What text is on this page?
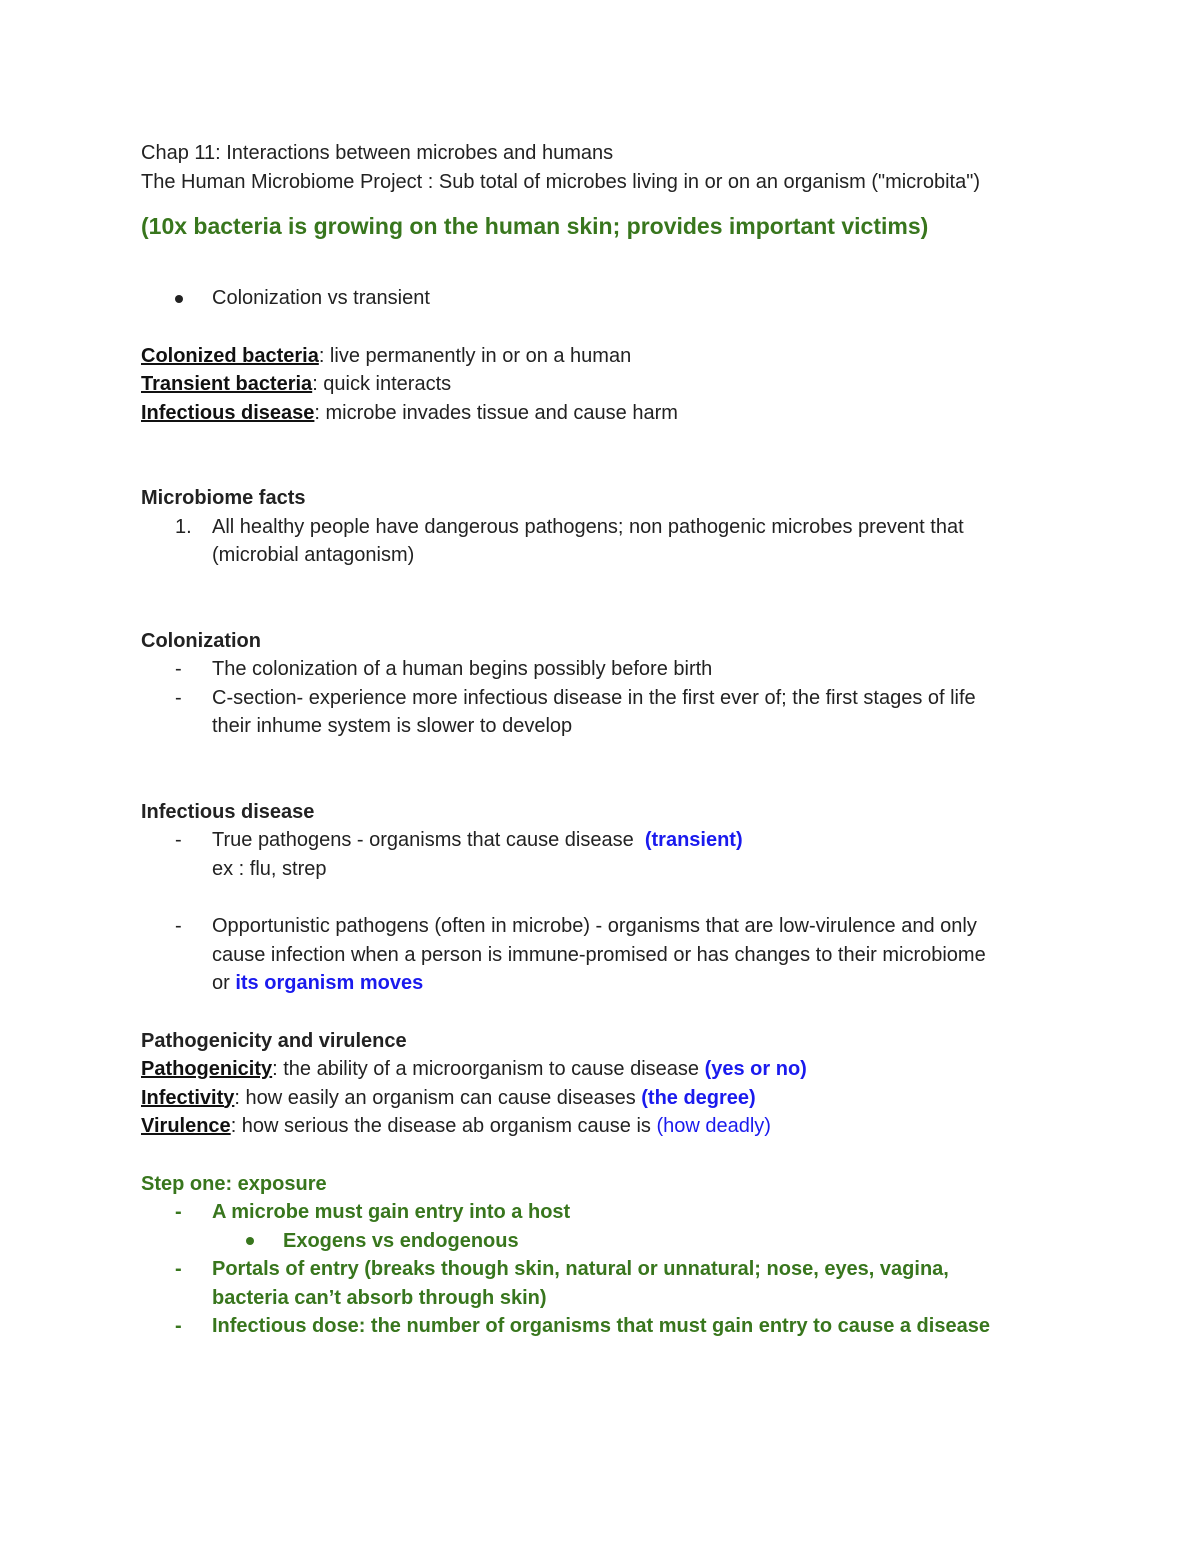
Chap 11: Interactions between microbes and humans
The Human Microbiome Project : Sub total of microbes living in or on an organism ("microbita")
(10x bacteria is growing on the human skin; provides important victims)
Colonization vs transient
Colonized bacteria: live permanently in or on a human
Transient bacteria: quick interacts
Infectious disease: microbe invades tissue and cause harm
Microbiome facts
1. All healthy people have dangerous pathogens; non pathogenic microbes prevent that
(microbial antagonism)
Colonization
- The colonization of a human begins possibly before birth
- C-section- experience more infectious disease in the first ever of; the first stages of life
their inhume system is slower to develop
Infectious disease
- True pathogens - organisms that cause disease  (transient)
ex : flu, strep
- Opportunistic pathogens (often in microbe) - organisms that are low-virulence and only
cause infection when a person is immune-promised or has changes to their microbiome
or its organism moves
Pathogenicity and virulence
Pathogenicity: the ability of a microorganism to cause disease (yes or no)
Infectivity: how easily an organism can cause diseases (the degree)
Virulence: how serious the disease ab organism cause is (how deadly)
Step one: exposure
- A microbe must gain entry into a host
Exogens vs endogenous
- Portals of entry (breaks though skin, natural or unnatural; nose, eyes, vagina,
bacteria can’t absorb through skin)
- Infectious dose: the number of organisms that must gain entry to cause a disease
